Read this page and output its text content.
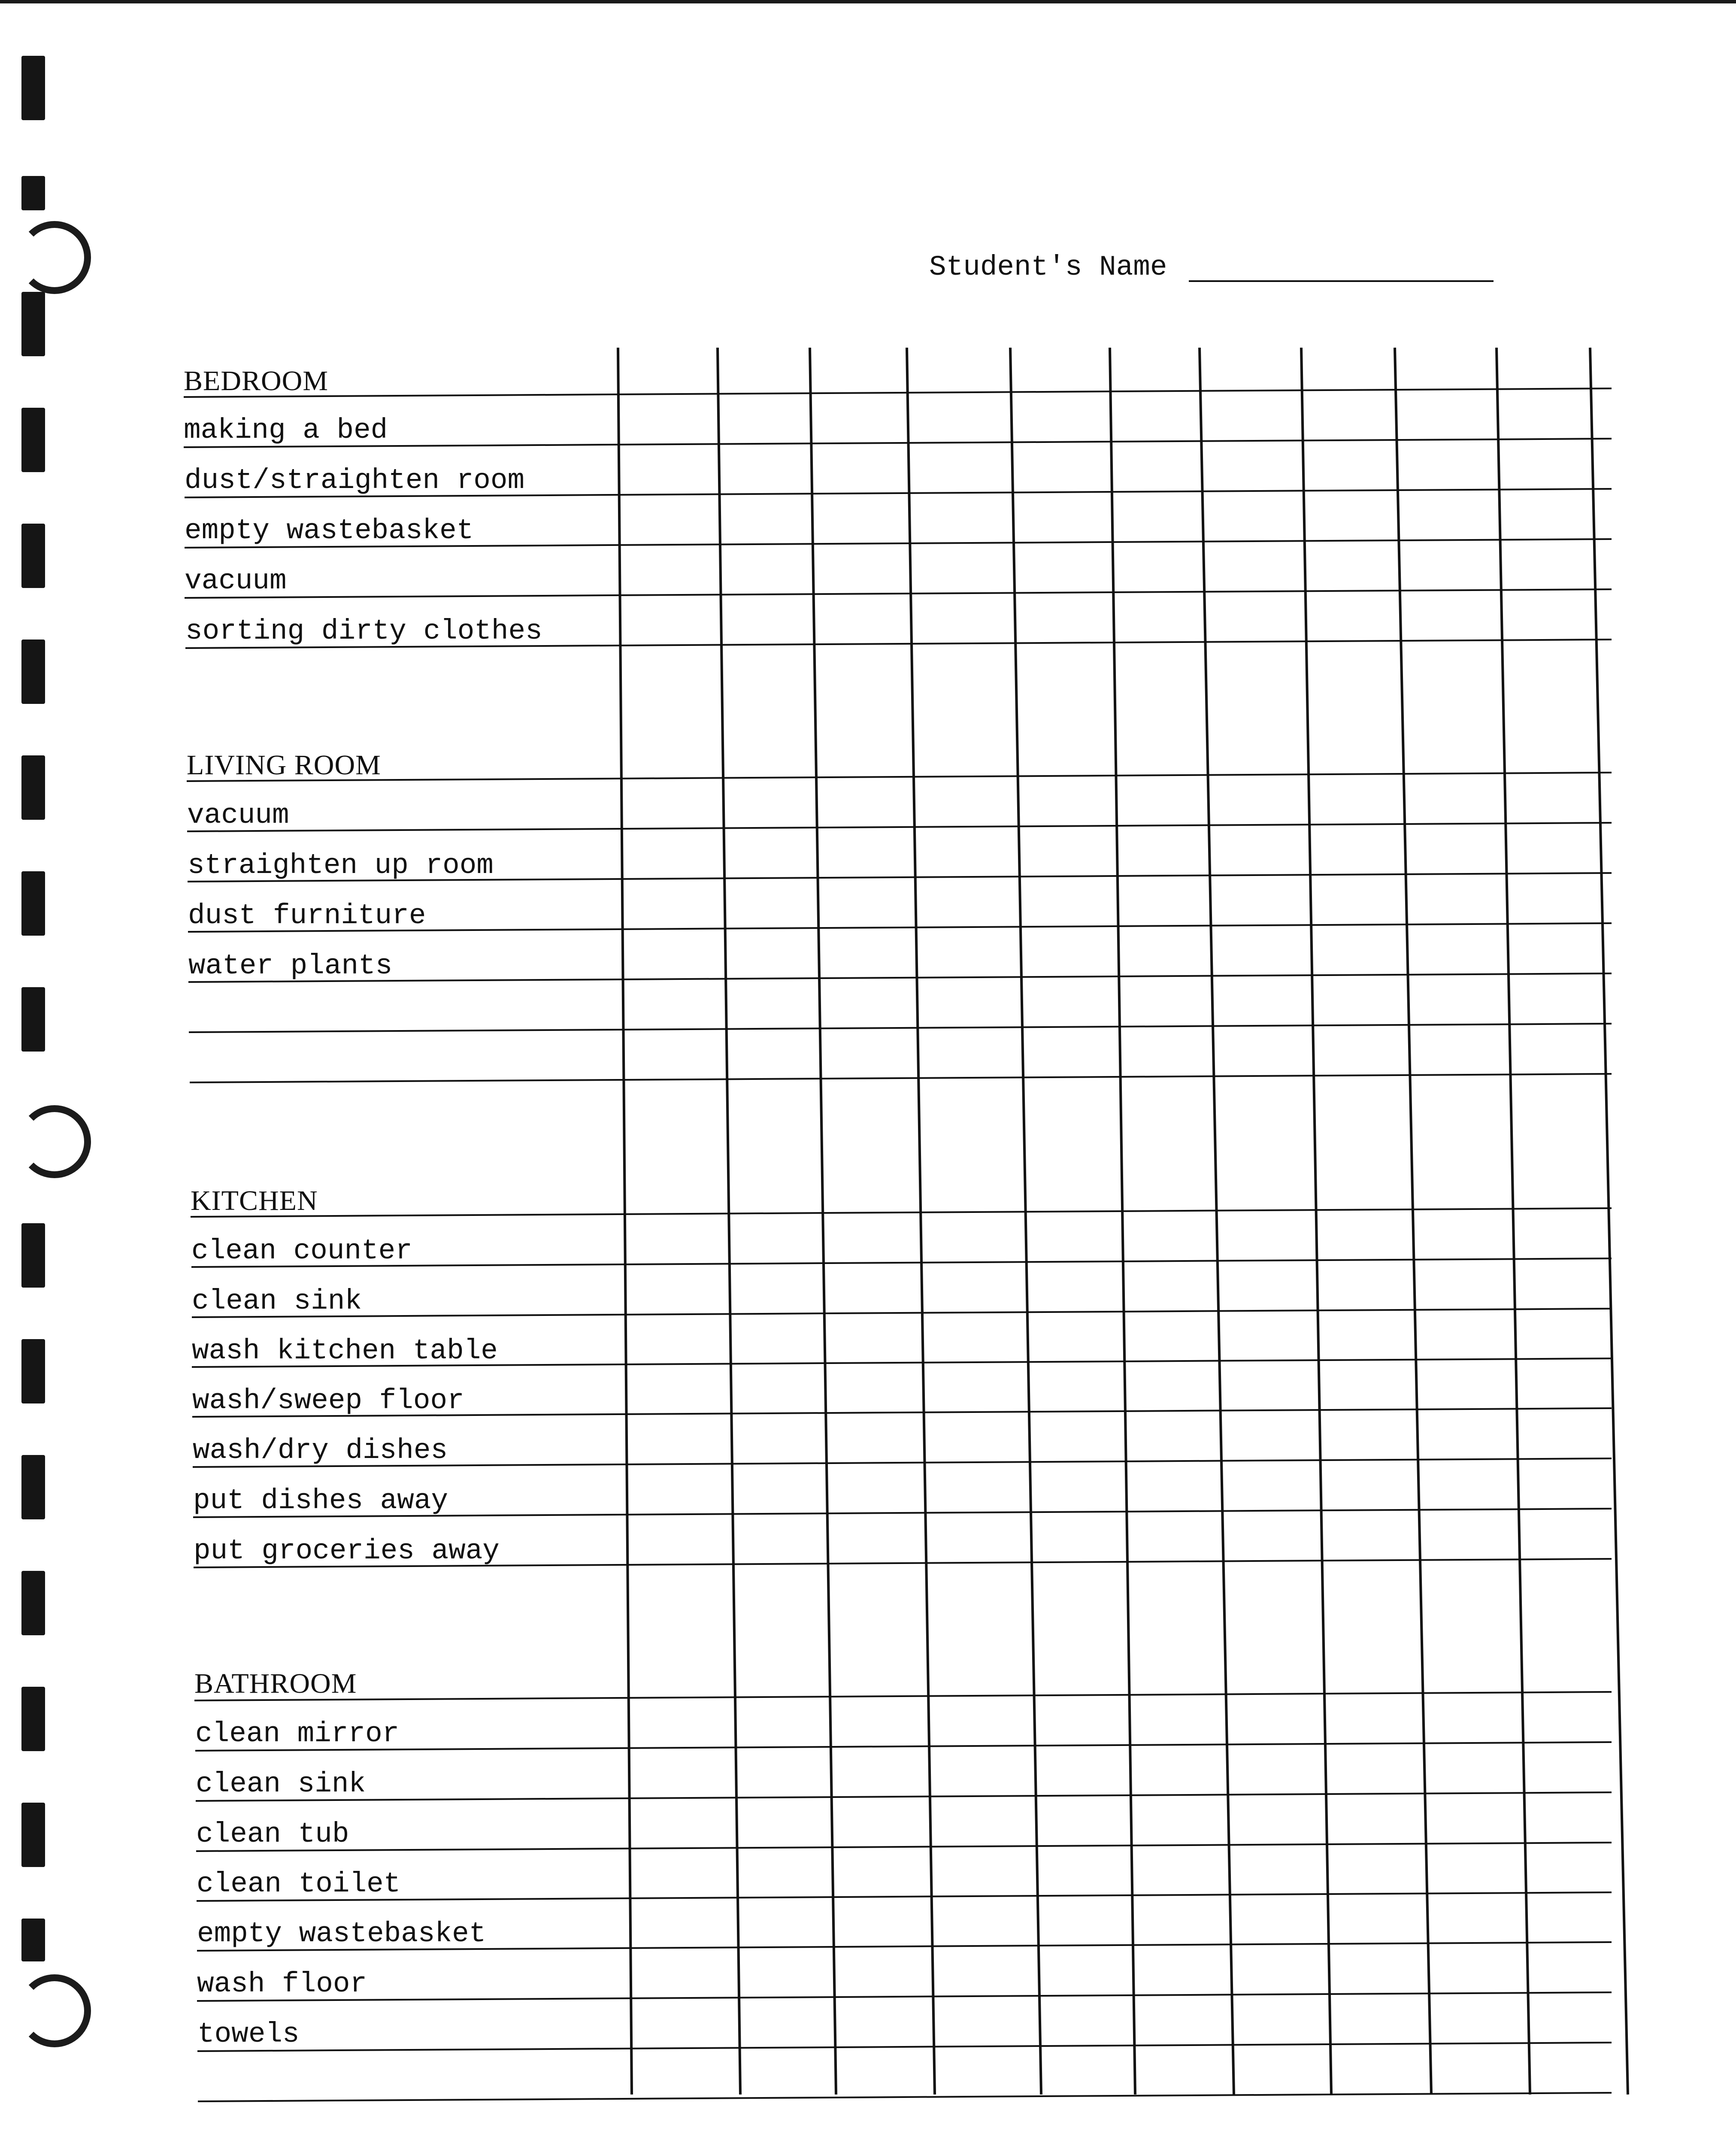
Student's Name
BEDROOM
making a bed
dust/straighten room
empty wastebasket
vacuum
sorting dirty clothes
LIVING ROOM
vacuum
straighten up room
dust furniture
water plants
KITCHEN
clean counter
clean sink
wash kitchen table
wash/sweep floor
wash/dry dishes
put dishes away
put groceries away
BATHROOM
clean mirror
clean sink
clean tub
clean toilet
empty wastebasket
wash floor
towels
